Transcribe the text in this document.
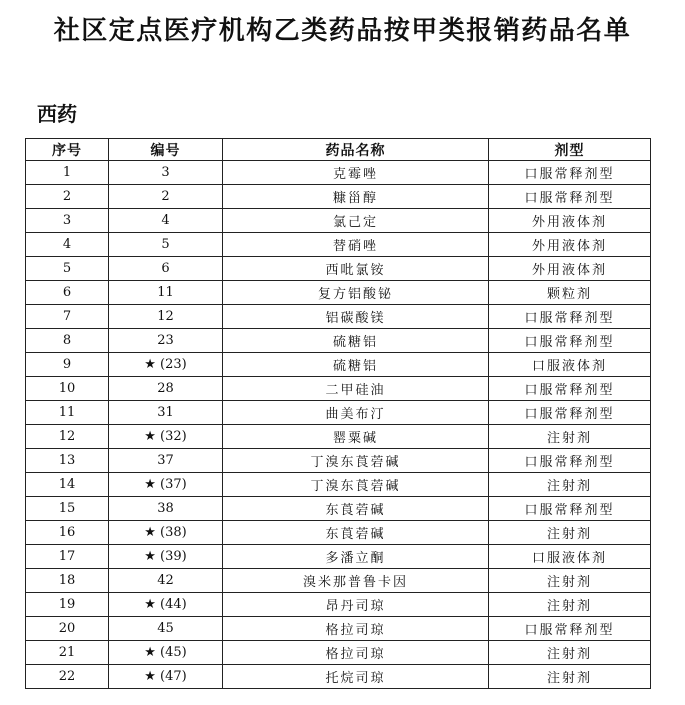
社区定点医疗机构乙类药品按甲类报销药品名单
西药
序号	编号	药品名称	剂型
1	3	克霉唑	口服常释剂型
2	2	糠甾醇	口服常释剂型
3	4	氯己定	外用液体剂
4	5	替硝唑	外用液体剂
5	6	西吡氯铵	外用液体剂
6	11	复方铝酸铋	颗粒剂
7	12	铝碳酸镁	口服常释剂型
8	23	硫糖铝	口服常释剂型
9	★ (23)	硫糖铝	口服液体剂
10	28	二甲硅油	口服常释剂型
11	31	曲美布汀	口服常释剂型
12	★ (32)	罂粟碱	注射剂
13	37	丁溴东莨菪碱	口服常释剂型
14	★ (37)	丁溴东莨菪碱	注射剂
15	38	东莨菪碱	口服常释剂型
16	★ (38)	东莨菪碱	注射剂
17	★ (39)	多潘立酮	口服液体剂
18	42	溴米那普鲁卡因	注射剂
19	★ (44)	昂丹司琼	注射剂
20	45	格拉司琼	口服常释剂型
21	★ (45)	格拉司琼	注射剂
22	★ (47)	托烷司琼	注射剂
